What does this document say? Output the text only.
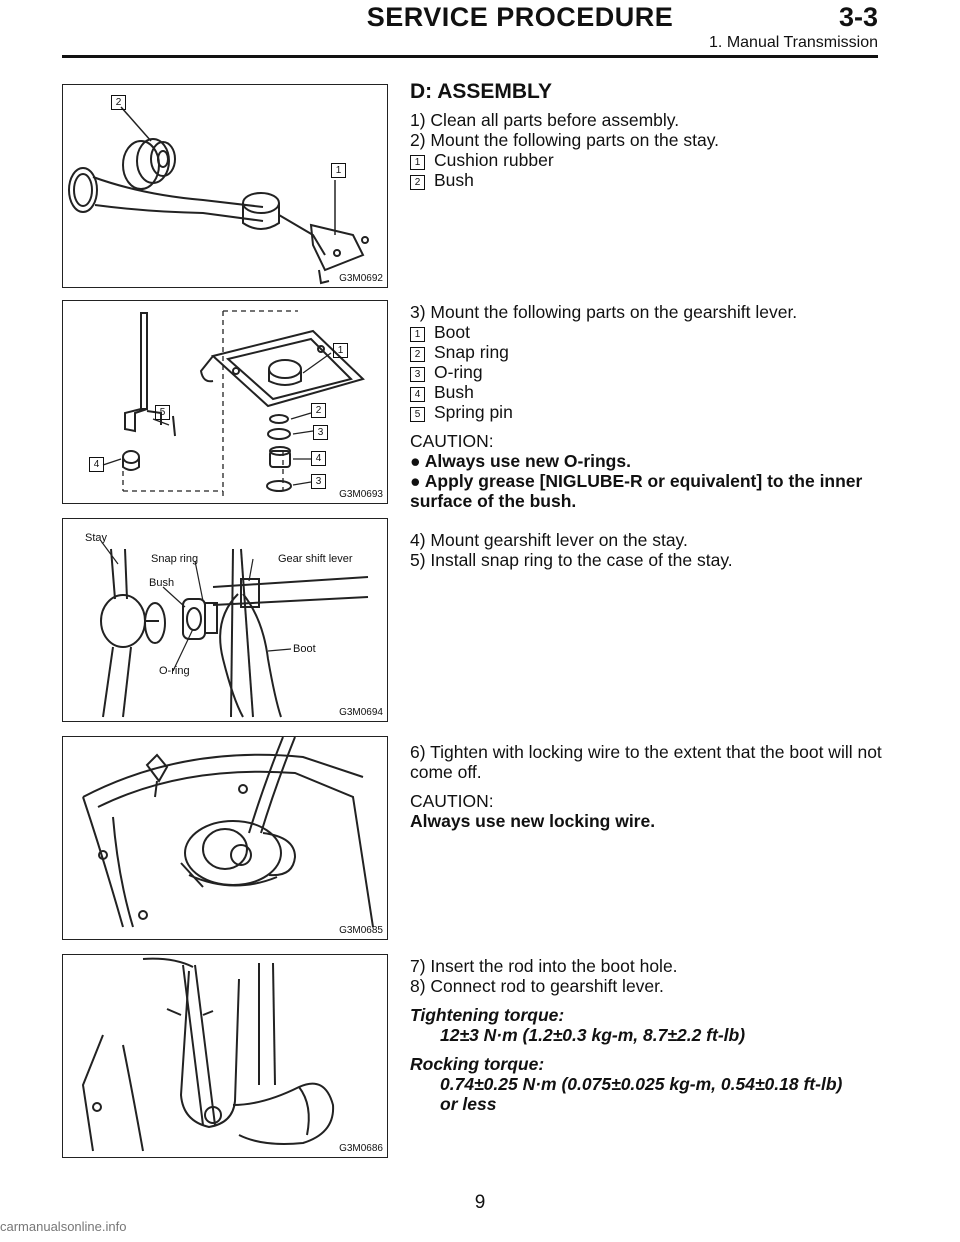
SERVICE PROCEDURE	3-3
1. Manual Transmission
2
1
G3M0692
1
5	2
3
4
4
3
G3M0693
Stay
Snap ring	Gear shift lever
Bush
O-ring
Boot
G3M0694
G3M0685
G3M0686

D: ASSEMBLY

1) Clean all parts before assembly.

2) Mount the following parts on the stay.

1 Cushion rubber

2 Bush

3) Mount the following parts on the gearshift lever.

1 Boot

2 Snap ring

3 O-ring

4 Bush

5 Spring pin

CAUTION:

● Always use new O-rings.

● Apply grease [NIGLUBE-R or equivalent] to the inner surface of the bush.

4) Mount gearshift lever on the stay.

5) Install snap ring to the case of the stay.

6) Tighten with locking wire to the extent that the boot will not come off.

CAUTION:

Always use new locking wire.

7) Insert the rod into the boot hole.

8) Connect rod to gearshift lever.

Tightening torque:

12±3 N·m (1.2±0.3 kg-m, 8.7±2.2 ft-lb)

Rocking torque:

0.74±0.25 N·m (0.075±0.025 kg-m, 0.54±0.18 ft-lb)

or less

9
carmanualsonline.info
